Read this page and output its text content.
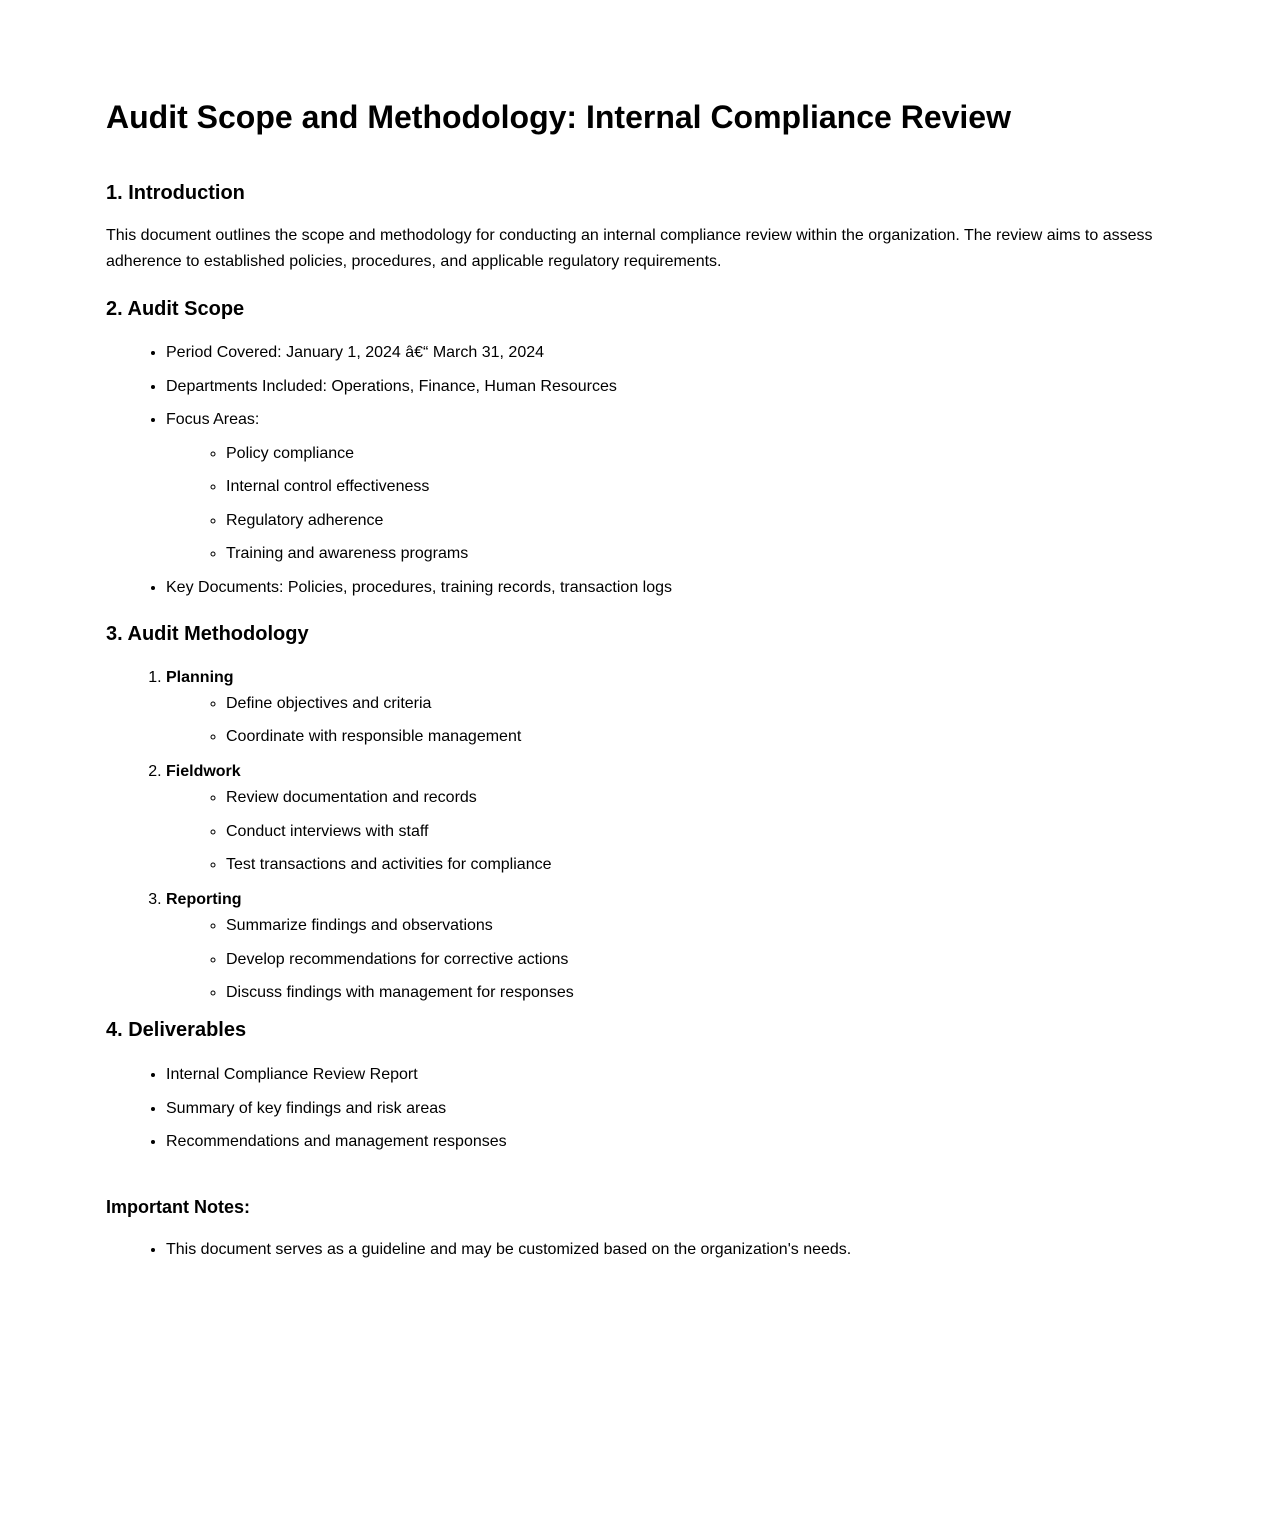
Audit Scope and Methodology: Internal Compliance Review
1. Introduction

This document outlines the scope and methodology for conducting an internal compliance review within the organization. The review aims to assess adherence to established policies, procedures, and applicable regulatory requirements.

2. Audit Scope
• Period Covered: January 1, 2024 â€“ March 31, 2024
• Departments Included: Operations, Finance, Human Resources
• Focus Areas:
◦ Policy compliance
◦ Internal control effectiveness
◦ Regulatory adherence
◦ Training and awareness programs
• Key Documents: Policies, procedures, training records, transaction logs
3. Audit Methodology
1. Planning
◦ Define objectives and criteria
◦ Coordinate with responsible management
2. Fieldwork
◦ Review documentation and records
◦ Conduct interviews with staff
◦ Test transactions and activities for compliance
3. Reporting
◦ Summarize findings and observations
◦ Develop recommendations for corrective actions
◦ Discuss findings with management for responses
4. Deliverables
• Internal Compliance Review Report
• Summary of key findings and risk areas
• Recommendations and management responses
Important Notes:
• This document serves as a guideline and may be customized based on the organization's needs.
